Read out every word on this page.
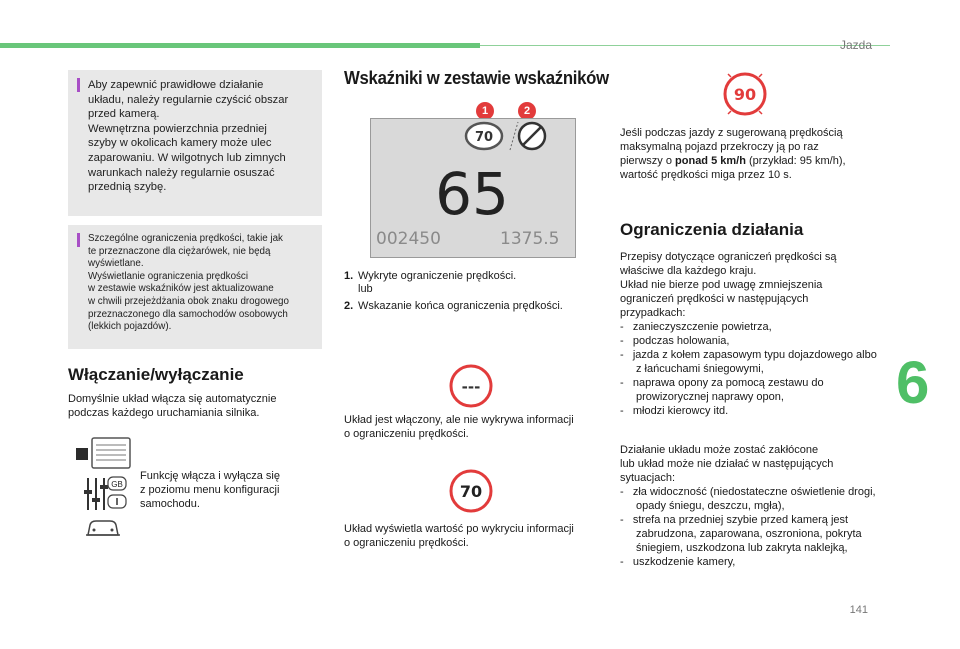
Jazda
6

Aby zapewnić prawidłowe działanie
układu, należy regularnie czyścić obszar
przed kamerą.
Wewnętrzna powierzchnia przedniej
szyby w okolicach kamery może ulec
zaparowaniu. W wilgotnych lub zimnych
warunkach należy regularnie osuszać
przednią szybę.

Szczególne ograniczenia prędkości, takie jak
te przeznaczone dla ciężarówek, nie będą
wyświetlane.
Wyświetlanie ograniczenia prędkości
w zestawie wskaźników jest aktualizowane
w chwili przejeżdżania obok znaku drogowego
przeznaczonego dla samochodów osobowych
(lekkich pojazdów).

Włączanie/wyłączanie
Domyślnie układ włącza się automatycznie
podczas każdego uruchamiania silnika.
GB
Funkcję włącza i wyłącza się
z poziomu menu konfiguracji
samochodu.
Wskaźniki w zestawie wskaźników
1	2
70
65
002450	1375.5
1. Wykryte ograniczenie prędkości.
lub
2. Wskazanie końca ograniczenia prędkości.
---
Układ jest włączony, ale nie wykrywa informacji
o ograniczeniu prędkości.
70
Układ wyświetla wartość po wykryciu informacji
o ograniczeniu prędkości.
90
Jeśli podczas jazdy z sugerowaną prędkością
maksymalną pojazd przekroczy ją po raz
pierwszy o ponad 5 km/h (przykład: 95 km/h),
wartość prędkości miga przez 10 s.
Ograniczenia działania
Przepisy dotyczące ograniczeń prędkości są
właściwe dla każdego kraju.
Układ nie bierze pod uwagę zmniejszenia
ograniczeń prędkości w następujących
przypadkach:
-   zanieczyszczenie powietrza,
-   podczas holowania,
-   jazda z kołem zapasowym typu dojazdowego albo z łańcuchami śniegowymi,
-   naprawa opony za pomocą zestawu do prowizorycznej naprawy opon,
-   młodzi kierowcy itd.
Działanie układu może zostać zakłócone
lub układ może nie działać w następujących
sytuacjach:
-   zła widoczność (niedostateczne oświetlenie drogi, opady śniegu, deszczu, mgła),
-   strefa na przedniej szybie przed kamerą jest zabrudzona, zaparowana, oszroniona, pokryta śniegiem, uszkodzona lub zakryta naklejką,
-   uszkodzenie kamery,
141
